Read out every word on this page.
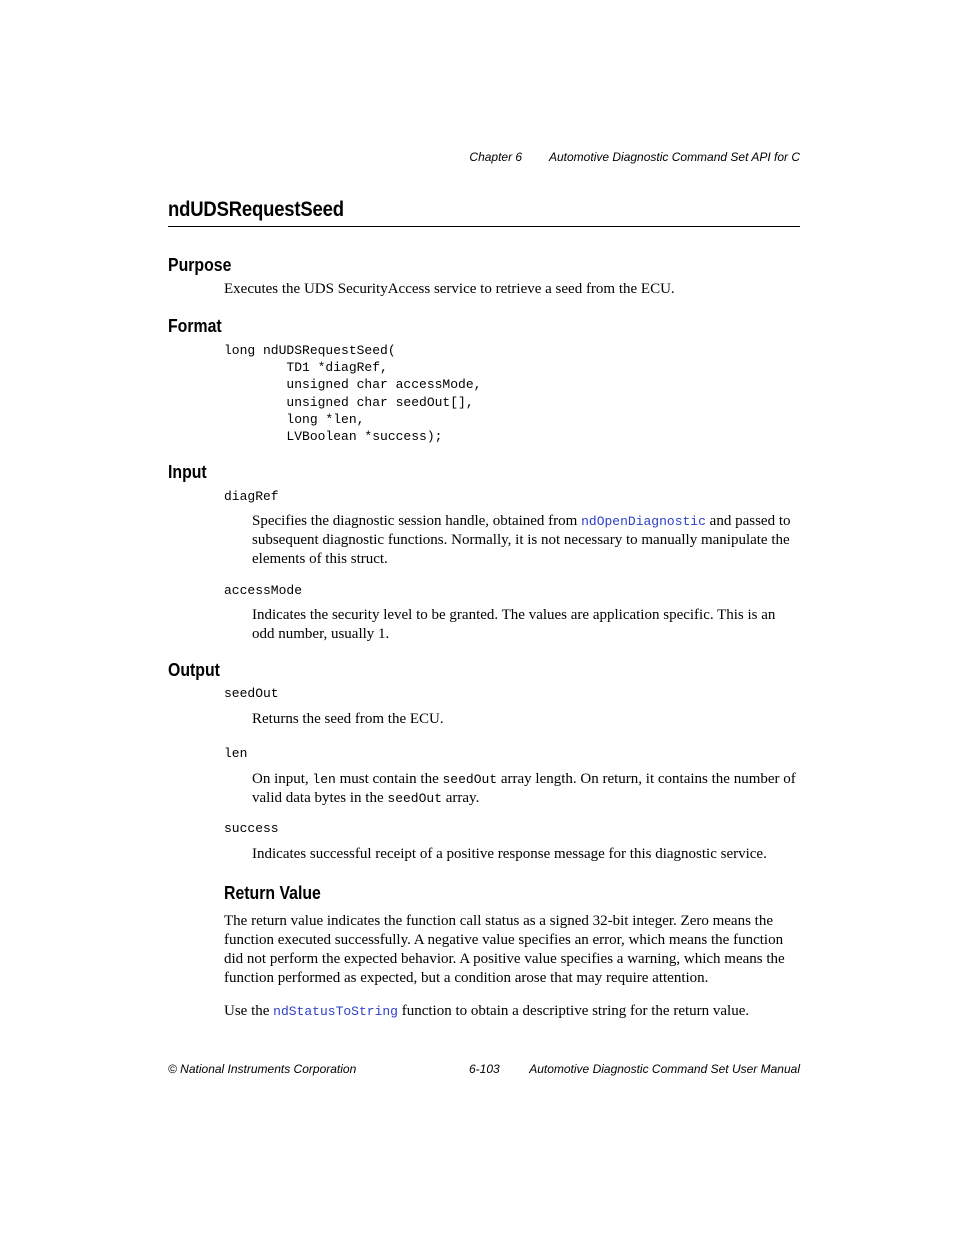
Chapter 6 Automotive Diagnostic Command Set API for C
ndUDSRequestSeed
Purpose
Executes the UDS SecurityAccess service to retrieve a seed from the ECU.
Format
long ndUDSRequestSeed(
TD1 *diagRef,
unsigned char accessMode,
unsigned char seedOut[],
long *len,
LVBoolean *success);
Input
diagRef
Specifies the diagnostic session handle, obtained from ndOpenDiagnostic and passed to subsequent diagnostic functions. Normally, it is not necessary to manually manipulate the elements of this struct.
accessMode
Indicates the security level to be granted. The values are application specific. This is an odd number, usually 1.
Output
seedOut
Returns the seed from the ECU.
len
On input, len must contain the seedOut array length. On return, it contains the number of valid data bytes in the seedOut array.
success
Indicates successful receipt of a positive response message for this diagnostic service.
Return Value
The return value indicates the function call status as a signed 32-bit integer. Zero means the function executed successfully. A negative value specifies an error, which means the function did not perform the expected behavior. A positive value specifies a warning, which means the function performed as expected, but a condition arose that may require attention.
Use the ndStatusToString function to obtain a descriptive string for the return value.
© National Instruments Corporation	6-103 Automotive Diagnostic Command Set User Manual
